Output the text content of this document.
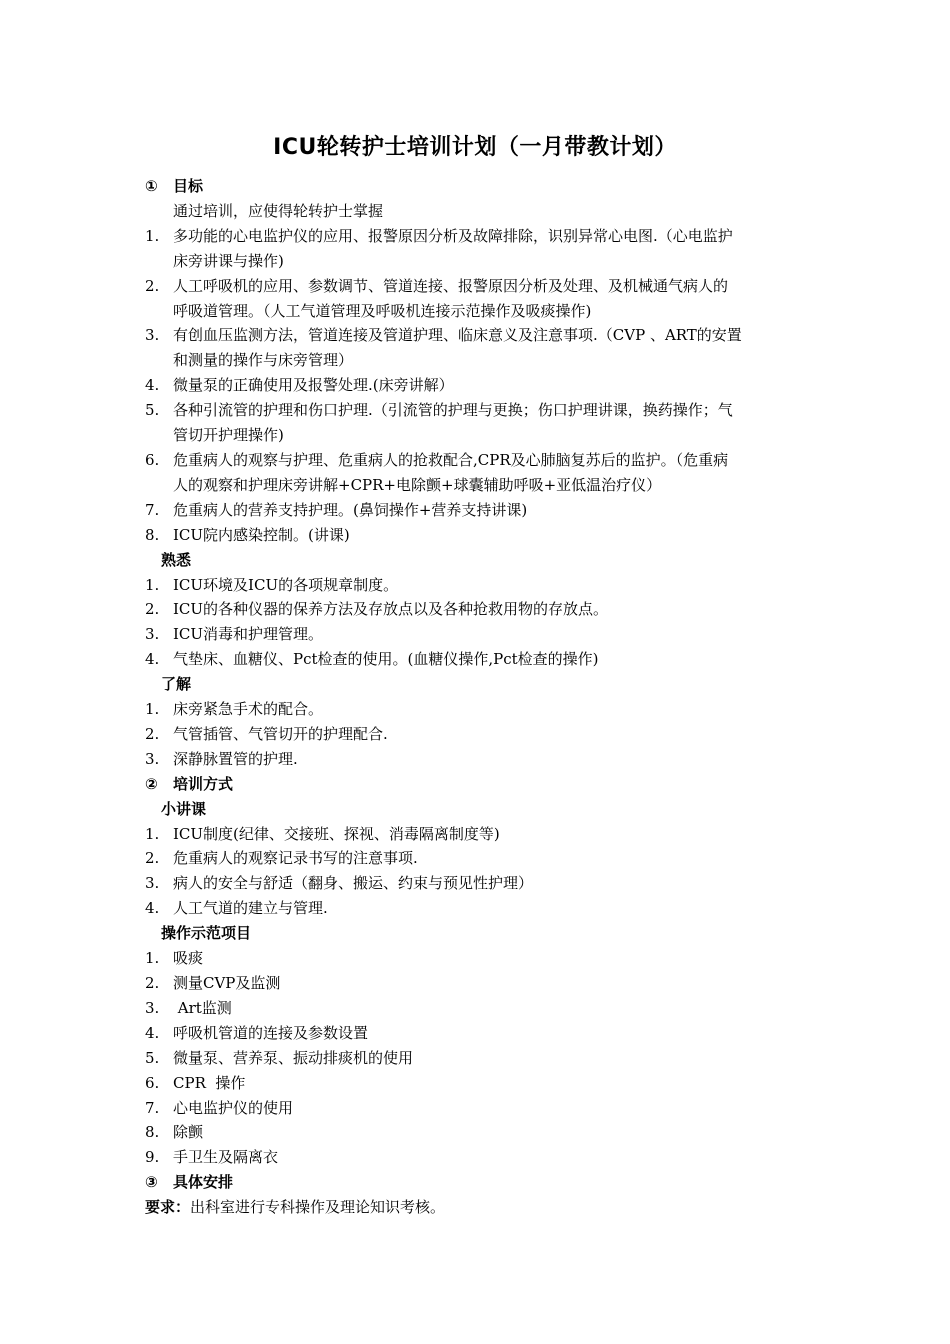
ICU轮转护士培训计划（一月带教计划）
① 目标
通过培训，应使得轮转护士掌握
1. 多功能的心电监护仪的应用、报警原因分析及故障排除，识别异常心电图.（心电监护
床旁讲课与操作)
2. 人工呼吸机的应用、参数调节、管道连接、报警原因分析及处理、及机械通气病人的
呼吸道管理。（人工气道管理及呼吸机连接示范操作及吸痰操作)
3. 有创血压监测方法，管道连接及管道护理、临床意义及注意事项.（CVP 、ART的安置
和测量的操作与床旁管理）
4. 微量泵的正确使用及报警处理.(床旁讲解）
5. 各种引流管的护理和伤口护理.（引流管的护理与更换；伤口护理讲课，换药操作；气
管切开护理操作)
6. 危重病人的观察与护理、危重病人的抢救配合,CPR及心肺脑复苏后的监护。（危重病
人的观察和护理床旁讲解+CPR+电除颤+球囊辅助呼吸+亚低温治疗仪）
7. 危重病人的营养支持护理。(鼻饲操作+营养支持讲课)
8. ICU院内感染控制。(讲课)
熟悉
1. ICU环境及ICU的各项规章制度。
2. ICU的各种仪器的保养方法及存放点以及各种抢救用物的存放点。
3. ICU消毒和护理管理。
4. 气垫床、血糖仪、Pct检查的使用。(血糖仪操作,Pct检查的操作)
了解
1. 床旁紧急手术的配合。
2. 气管插管、气管切开的护理配合.
3. 深静脉置管的护理.
② 培训方式
小讲课
1. ICU制度(纪律、交接班、探视、消毒隔离制度等)
2. 危重病人的观察记录书写的注意事项.
3. 病人的安全与舒适（翻身、搬运、约束与预见性护理）
4. 人工气道的建立与管理.
操作示范项目
1. 吸痰
2. 测量CVP及监测
3. Art监测
4. 呼吸机管道的连接及参数设置
5. 微量泵、营养泵、振动排痰机的使用
6. CPR  操作
7. 心电监护仪的使用
8. 除颤
9. 手卫生及隔离衣
③ 具体安排
要求：出科室进行专科操作及理论知识考核。
